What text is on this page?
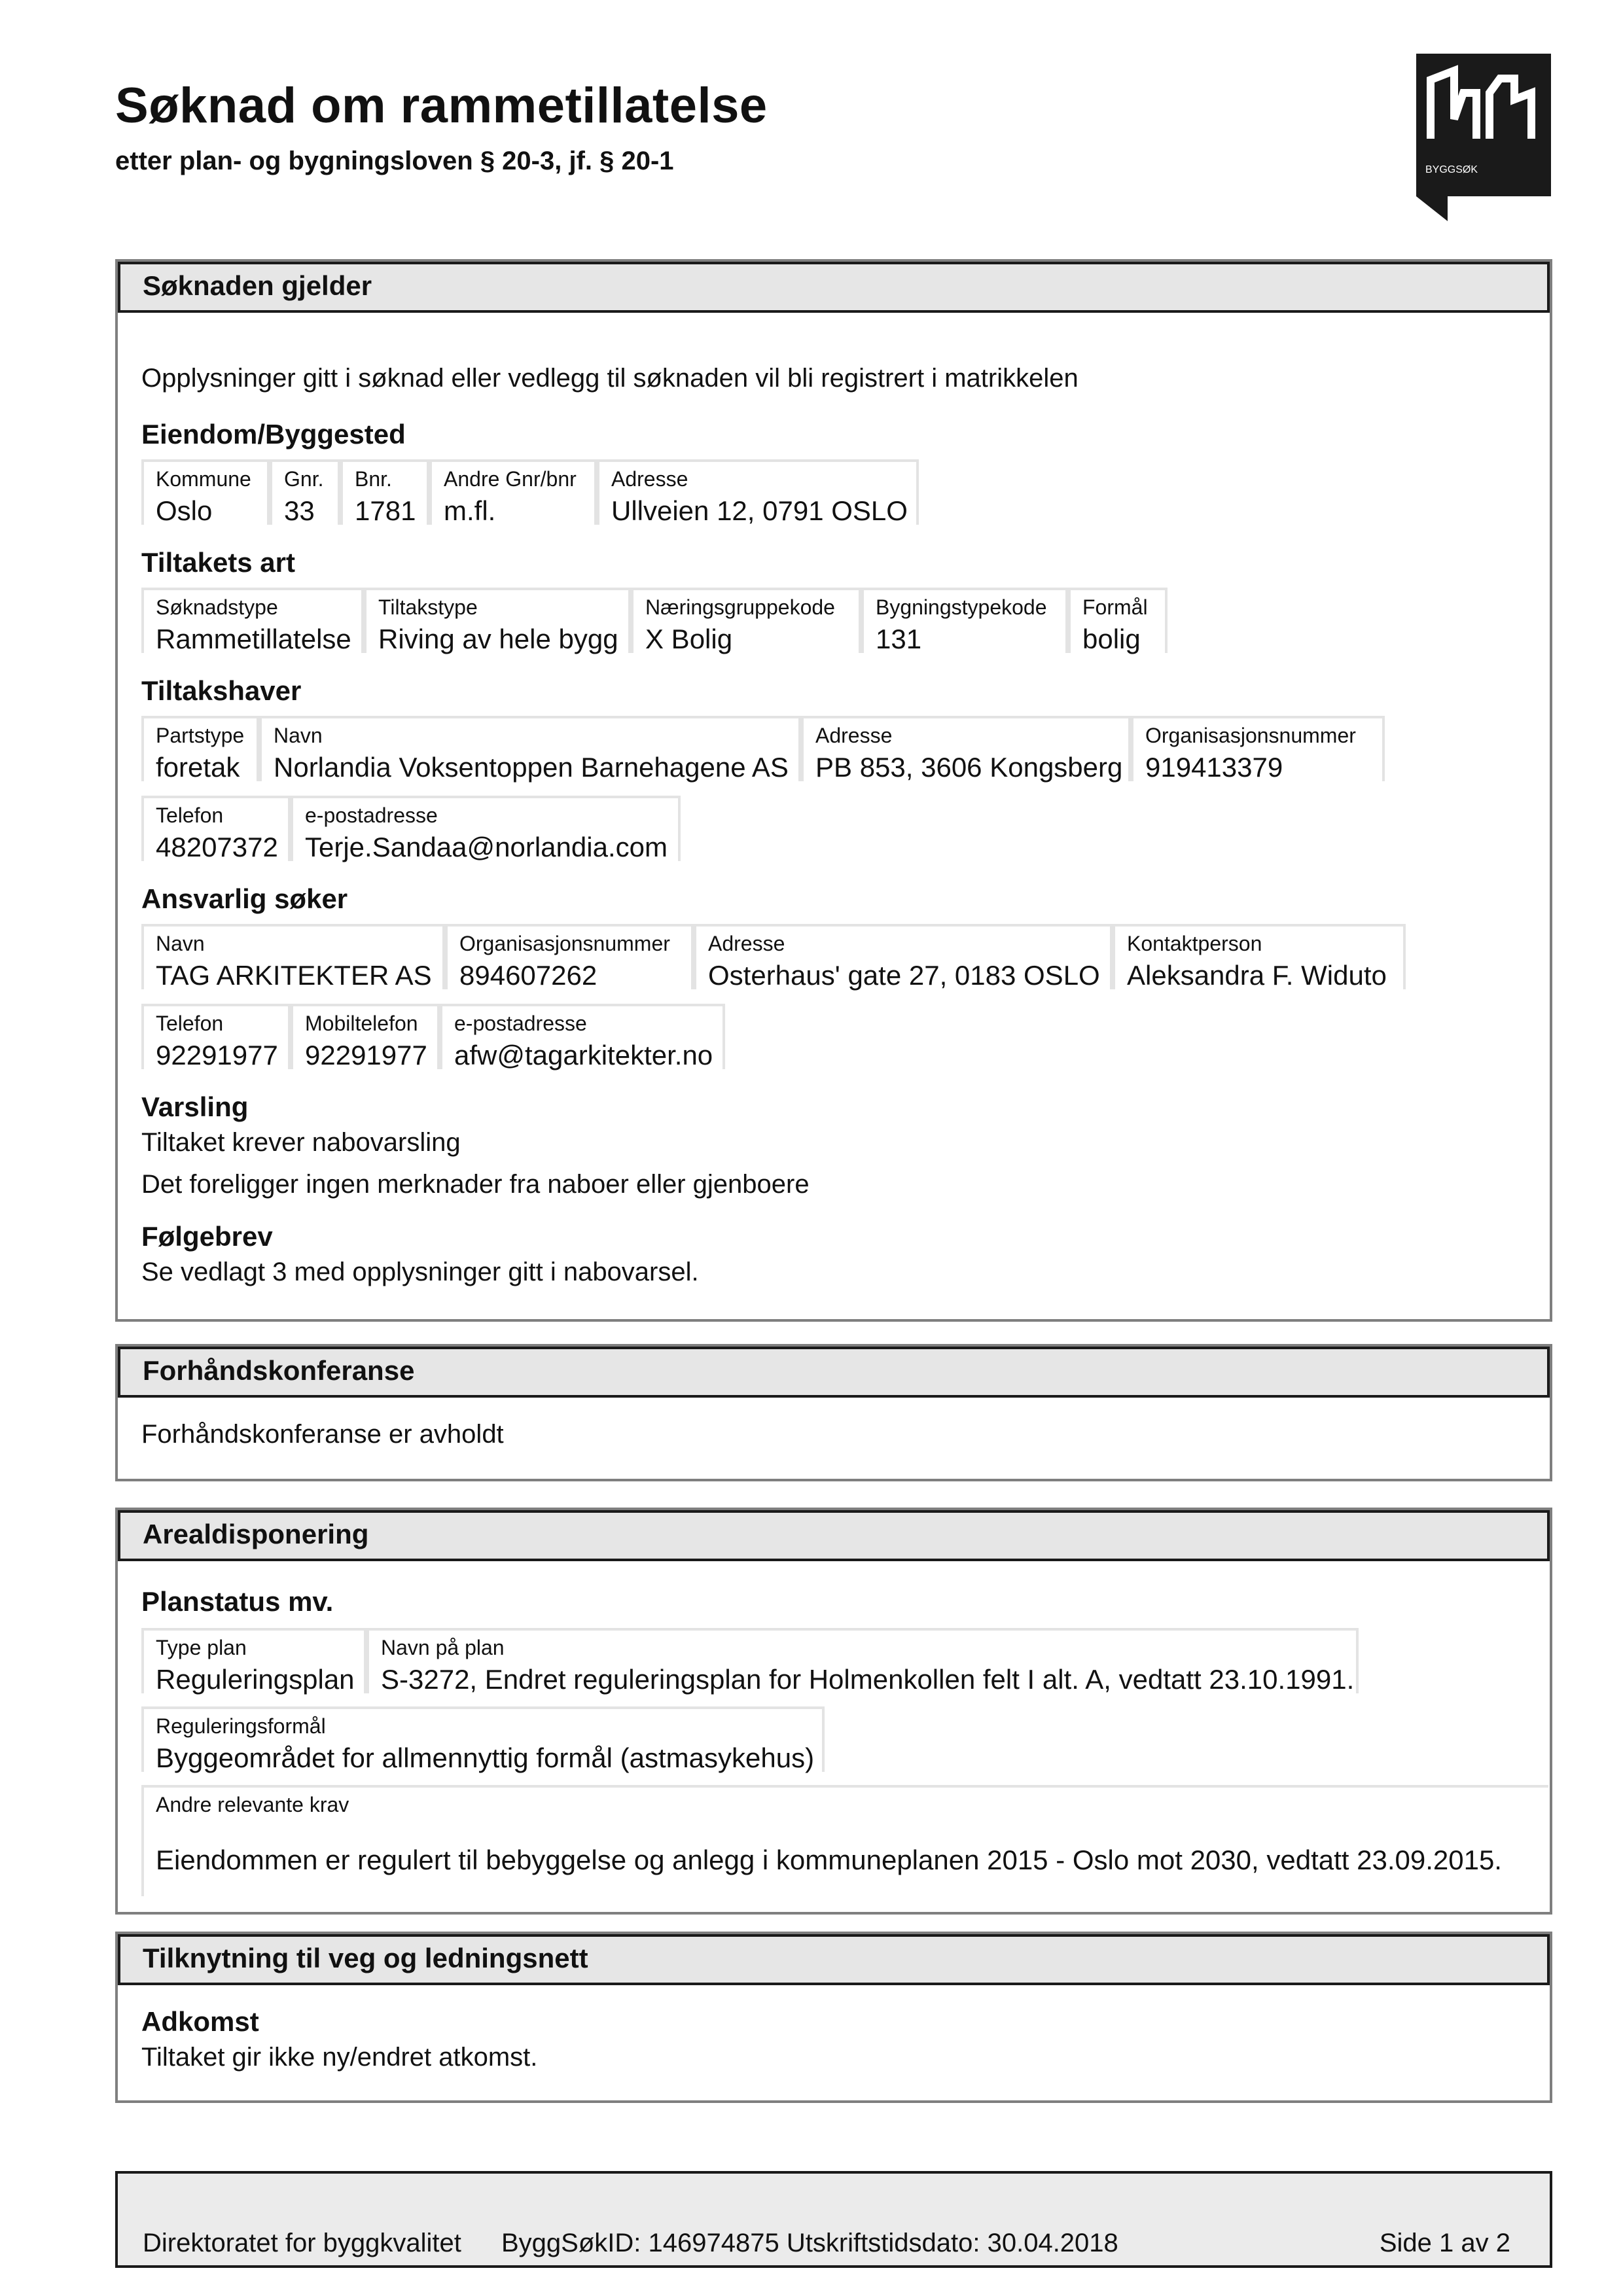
Søknad om rammetillatelse
etter plan- og bygningsloven § 20-3, jf. § 20-1	BYGGSØK
Søknaden gjelder
Opplysninger gitt i søknad eller vedlegg til søknaden vil bli registrert i matrikkelen
Eiendom/Byggested
Kommune
Oslo
Gnr.
33
Bnr.
1781
Andre Gnr/bnr
m.fl.
Adresse
Ullveien 12, 0791 OSLO
Tiltakets art
Søknadstype
Rammetillatelse
Tiltakstype
Riving av hele bygg
Næringsgruppekode
X Bolig
Bygningstypekode
131
Formål
bolig
Tiltakshaver
Partstype
foretak
Navn
Norlandia Voksentoppen Barnehagene AS
Adresse
PB 853, 3606 Kongsberg
Organisasjonsnummer
919413379
Telefon
48207372
e-postadresse
Terje.Sandaa@norlandia.com
Ansvarlig søker
Navn
TAG ARKITEKTER AS
Organisasjonsnummer
894607262
Adresse
Osterhaus' gate 27, 0183 OSLO
Kontaktperson
Aleksandra F. Widuto
Telefon
92291977
Mobiltelefon
92291977
e-postadresse
afw@tagarkitekter.no
Varsling
Tiltaket krever nabovarsling
Det foreligger ingen merknader fra naboer eller gjenboere
Følgebrev
Se vedlagt 3 med opplysninger gitt i nabovarsel.
Forhåndskonferanse
Forhåndskonferanse er avholdt
Arealdisponering
Planstatus mv.
Type plan
Reguleringsplan
Navn på plan
S-3272, Endret reguleringsplan for Holmenkollen felt I alt. A, vedtatt 23.10.1991.
Reguleringsformål
Byggeområdet for allmennyttig formål (astmasykehus)
Andre relevante krav
Eiendommen er regulert til bebyggelse og anlegg i kommuneplanen 2015 - Oslo mot 2030, vedtatt 23.09.2015.
Tilknytning til veg og ledningsnett
Adkomst
Tiltaket gir ikke ny/endret atkomst.
Direktoratet for byggkvalitet ByggSøkID: 146974875 Utskriftstidsdato: 30.04.2018	Side 1 av 2
